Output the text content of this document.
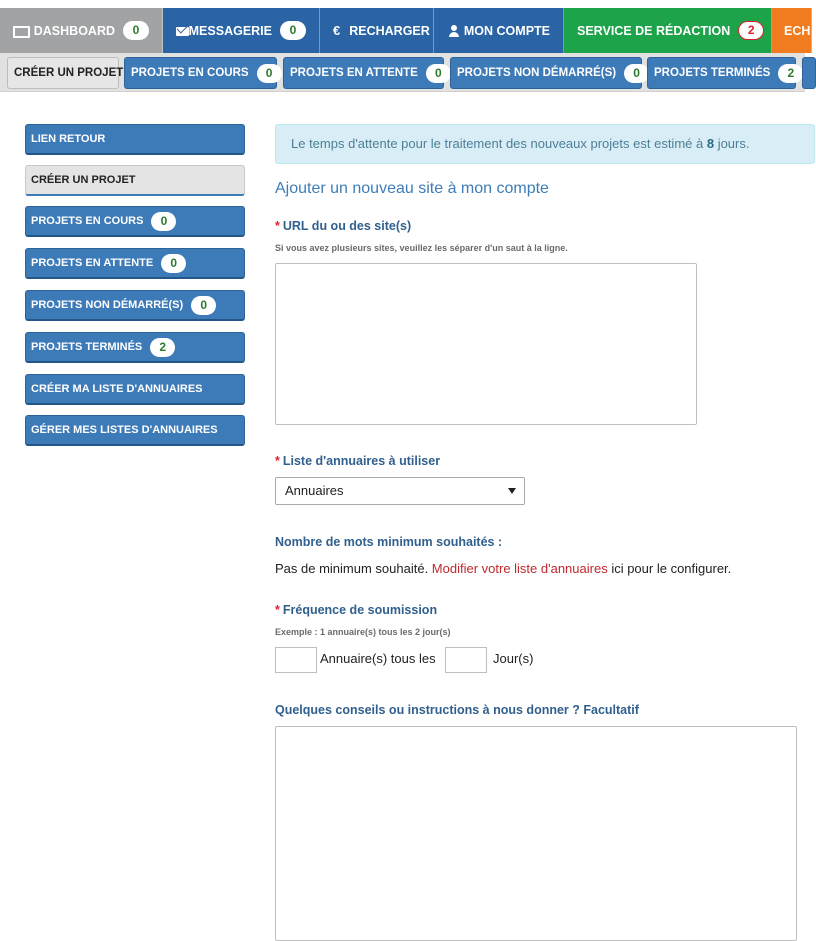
DASHBOARD	0	MESSAGERIE	0	€ RECHARGER	MON COMPTE SERVICE DE RÉDACTION	2	ECH
CRÉER UN PROJET PROJETS EN COURS	0	PROJETS EN ATTENTE	0	PROJETS NON DÉMARRÉ(S)	0	PROJETS TERMINÉS	2
LIEN RETOUR
CRÉER UN PROJET
PROJETS EN COURS	0
PROJETS EN ATTENTE	0
PROJETS NON DÉMARRÉ(S)	0
PROJETS TERMINÉS	2
CRÉER MA LISTE D'ANNUAIRES
GÉRER MES LISTES D'ANNUAIRES
Le temps d'attente pour le traitement des nouveaux projets est estimé à 8 jours.
Ajouter un nouveau site à mon compte
* URL du ou des site(s)
Si vous avez plusieurs sites, veuillez les séparer d'un saut à la ligne.
* Liste d'annuaires à utiliser
Annuaires
Nombre de mots minimum souhaités :
Pas de minimum souhaité. Modifier votre liste d'annuaires ici pour le configurer.
* Fréquence de soumission
Exemple : 1 annuaire(s) tous les 2 jour(s)
Annuaire(s) tous les	Jour(s)
Quelques conseils ou instructions à nous donner ? Facultatif
